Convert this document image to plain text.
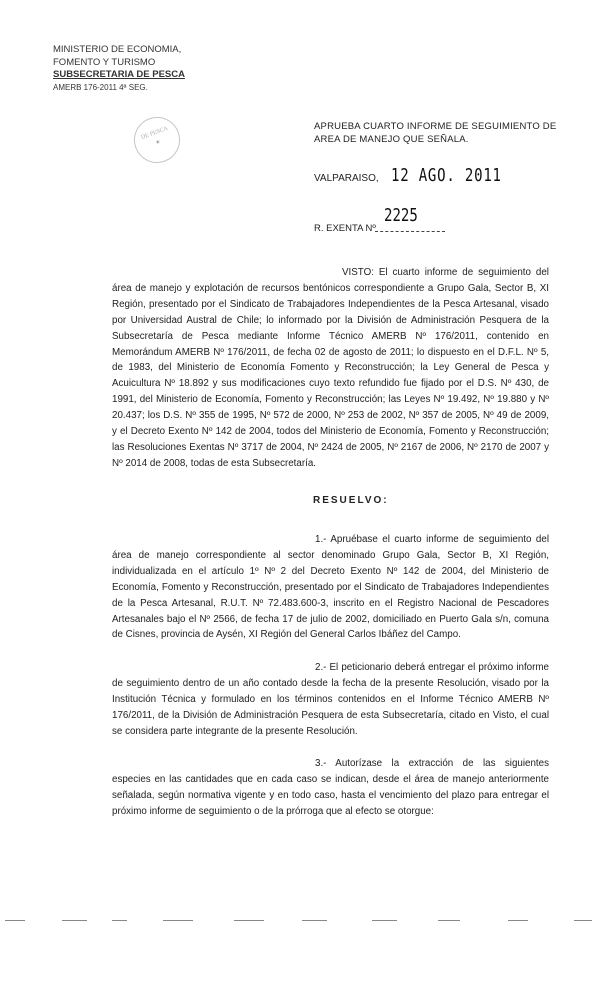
MINISTERIO DE ECONOMIA,
FOMENTO Y TURISMO
SUBSECRETARIA DE PESCA
AMERB 176-2011 4ª SEG.
DE PESCA
★
APRUEBA CUARTO INFORME DE SEGUIMIENTO DE
AREA DE MANEJO QUE SEÑALA.
VALPARAISO, 12 AGO. 2011
2225
R. EXENTA Nº

VISTO: El cuarto informe de seguimiento del área de manejo y explotación de recursos bentónicos correspondiente a Grupo Gala, Sector B, XI Región, presentado por el Sindicato de Trabajadores Independientes de la Pesca Artesanal, visado por Universidad Austral de Chile; lo informado por la División de Administración Pesquera de la Subsecretaría de Pesca mediante Informe Técnico AMERB Nº 176/2011, contenido en Memorándum AMERB Nº 176/2011, de fecha 02 de agosto de 2011; lo dispuesto en el D.F.L. Nº 5, de 1983, del Ministerio de Economía Fomento y Reconstrucción; la Ley General de Pesca y Acuicultura Nº 18.892 y sus modificaciones cuyo texto refundido fue fijado por el D.S. Nº 430, de 1991, del Ministerio de Economía, Fomento y Reconstrucción; las Leyes Nº 19.492, Nº 19.880 y Nº 20.437; los D.S. Nº 355 de 1995, Nº 572 de 2000, Nº 253 de 2002, Nº 357 de 2005, Nº 49 de 2009, y el Decreto Exento Nº 142 de 2004, todos del Ministerio de Economía, Fomento y Reconstrucción; las Resoluciones Exentas Nº 3717 de 2004, Nº 2424 de 2005, Nº 2167 de 2006, Nº 2170 de 2007 y Nº 2014 de 2008, todas de esta Subsecretaría.

RESUELVO:

1.- Apruébase el cuarto informe de seguimiento del área de manejo correspondiente al sector denominado Grupo Gala, Sector B, XI Región, individualizada en el artículo 1º Nº 2 del Decreto Exento Nº 142 de 2004, del Ministerio de Economía, Fomento y Reconstrucción, presentado por el Sindicato de Trabajadores Independientes de la Pesca Artesanal, R.U.T. Nº 72.483.600-3, inscrito en el Registro Nacional de Pescadores Artesanales bajo el Nº 2566, de fecha 17 de julio de 2002, domiciliado en Puerto Gala s/n, comuna de Cisnes, provincia de Aysén, XI Región del General Carlos Ibáñez del Campo.

2.- El peticionario deberá entregar el próximo informe de seguimiento dentro de un año contado desde la fecha de la presente Resolución, visado por la Institución Técnica y formulado en los términos contenidos en el Informe Técnico AMERB Nº 176/2011, de la División de Administración Pesquera de esta Subsecretaría, citado en Visto, el cual se considera parte integrante de la presente Resolución.

3.- Autorízase la extracción de las siguientes especies en las cantidades que en cada caso se indican, desde el área de manejo anteriormente señalada, según normativa vigente y en todo caso, hasta el vencimiento del plazo para entregar el próximo informe de seguimiento o de la prórroga que al efecto se otorgue:
